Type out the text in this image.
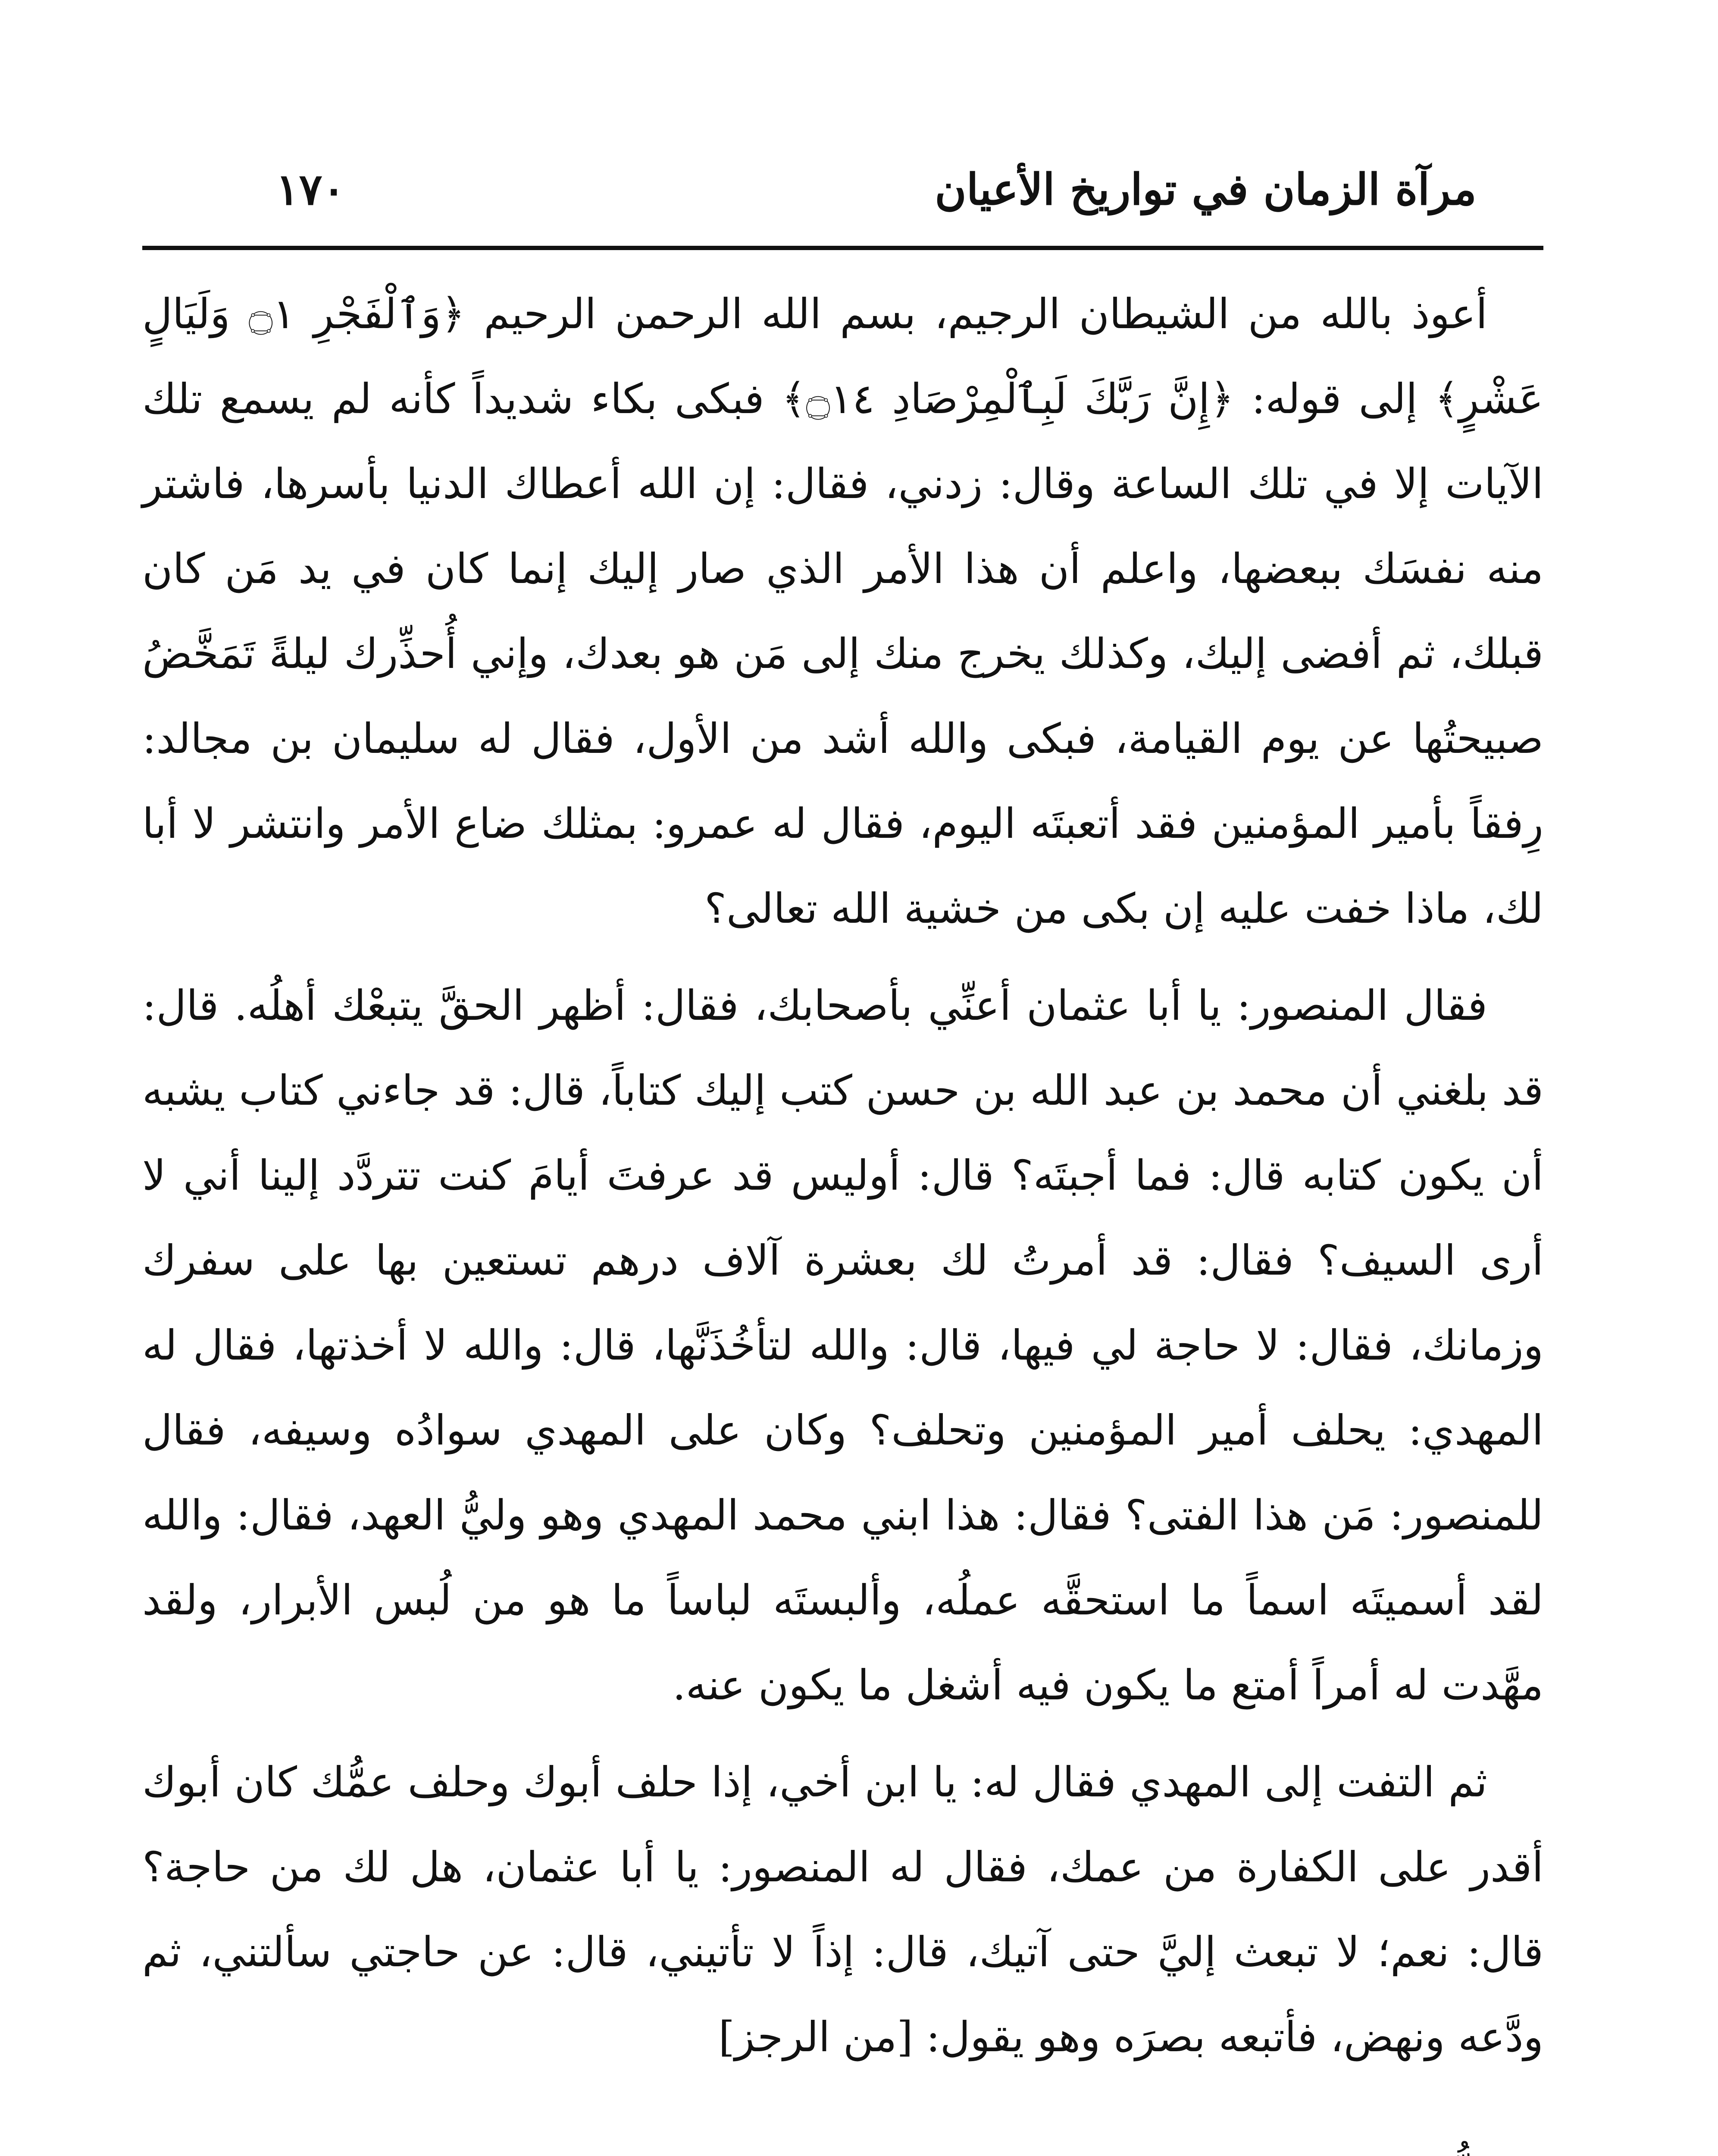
١٧٠	مرآة الزمان في تواريخ الأعيان

أعوذ بالله من الشيطان الرجيم، بسم الله الرحمن الرحيم ﴿وَٱلْفَجْرِ ۝١ وَلَيَالٍ عَشْرٍ﴾ إلى قوله: ﴿إِنَّ رَبَّكَ لَبِٱلْمِرْصَادِ ۝١٤﴾ فبكى بكاء شديداً كأنه لم يسمع تلك الآيات إلا في تلك الساعة وقال: زدني، فقال: إن الله أعطاك الدنيا بأسرها، فاشتر منه نفسَك ببعضها، واعلم أن هذا الأمر الذي صار إليك إنما كان في يد مَن كان قبلك، ثم أفضى إليك، وكذلك يخرج منك إلى مَن هو بعدك، وإني أُحذِّرك ليلةً تَمَخَّضُ صبيحتُها عن يوم القيامة، فبكى والله أشد من الأول، فقال له سليمان بن مجالد: رِفقاً بأمير المؤمنين فقد أتعبتَه اليوم، فقال له عمرو: بمثلك ضاع الأمر وانتشر لا أبا لك، ماذا خفت عليه إن بكى من خشية الله تعالى؟

فقال المنصور: يا أبا عثمان أعنِّي بأصحابك، فقال: أظهر الحقَّ يتبعْك أهلُه. قال: قد بلغني أن محمد بن عبد الله بن حسن كتب إليك كتاباً، قال: قد جاءني كتاب يشبه أن يكون كتابه قال: فما أجبتَه؟ قال: أوليس قد عرفتَ أيامَ كنت تتردَّد إلينا أني لا أرى السيف؟ فقال: قد أمرتُ لك بعشرة آلاف درهم تستعين بها على سفرك وزمانك، فقال: لا حاجة لي فيها، قال: والله لتأخُذَنَّها، قال: والله لا أخذتها، فقال له المهدي: يحلف أمير المؤمنين وتحلف؟ وكان على المهدي سوادُه وسيفه، فقال للمنصور: مَن هذا الفتى؟ فقال: هذا ابني محمد المهدي وهو وليُّ العهد، فقال: والله لقد أسميتَه اسماً ما استحقَّه عملُه، وألبستَه لباساً ما هو من لُبس الأبرار، ولقد مهَّدت له أمراً أمتع ما يكون فيه أشغل ما يكون عنه.

ثم التفت إلى المهدي فقال له: يا ابن أخي، إذا حلف أبوك وحلف عمُّك كان أبوك أقدر على الكفارة من عمك، فقال له المنصور: يا أبا عثمان، هل لك من حاجة؟ قال: نعم؛ لا تبعث إليَّ حتى آتيك، قال: إذاً لا تأتيني، قال: عن حاجتي سألتني، ثم ودَّعه ونهض، فأتبعه بصرَه وهو يقول: [من الرجز]
